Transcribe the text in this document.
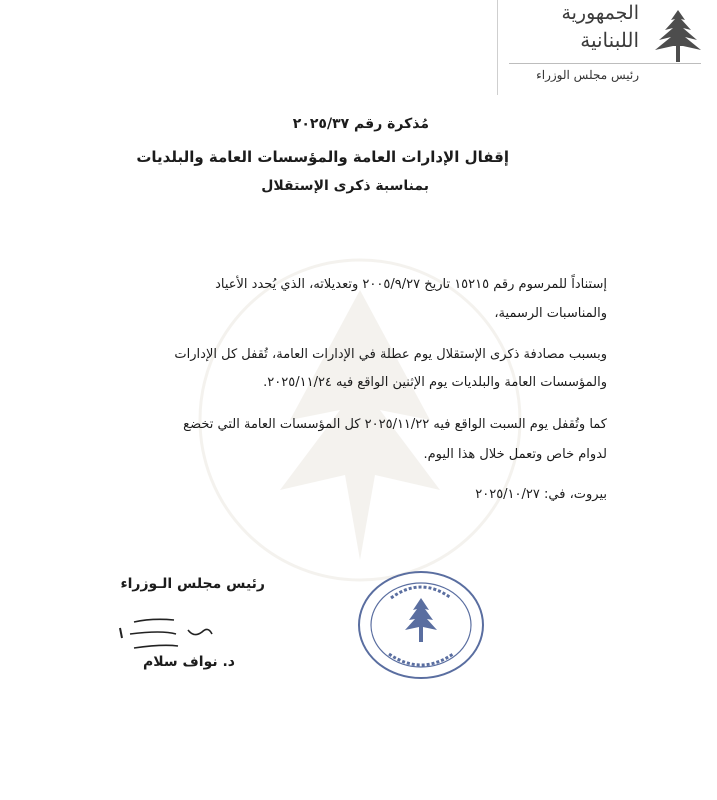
الجمهورية
اللبنانية
رئيس مجلس الوزراء
مُذكرة رقم ٢٠٢٥/٣٧
إقفال الإدارات العامة والمؤسسات العامة والبلديات
بمناسبة ذكرى الإستقلال
إستناداً للمرسوم رقم ١٥٢١٥ تاريخ ٢٠٠٥/٩/٢٧ وتعديلاته، الذي يُحدد الأعياد
والمناسبات الرسمية،
وبسبب مصادفة ذكرى الإستقلال يوم عطلة في الإدارات العامة، تُقفل كل الإدارات
والمؤسسات العامة والبلديات يوم الإثنين الواقع فيه ٢٠٢٥/١١/٢٤.
كما وتُقفل يوم السبت الواقع فيه ٢٠٢٥/١١/٢٢ كل المؤسسات العامة التي تخضع
لدوام خاص وتعمل خلال هذا اليوم.
بيروت، في: ٢٠٢٥/١٠/٢٧
رئيس مجلس الـوزراء
د. نواف سلام
